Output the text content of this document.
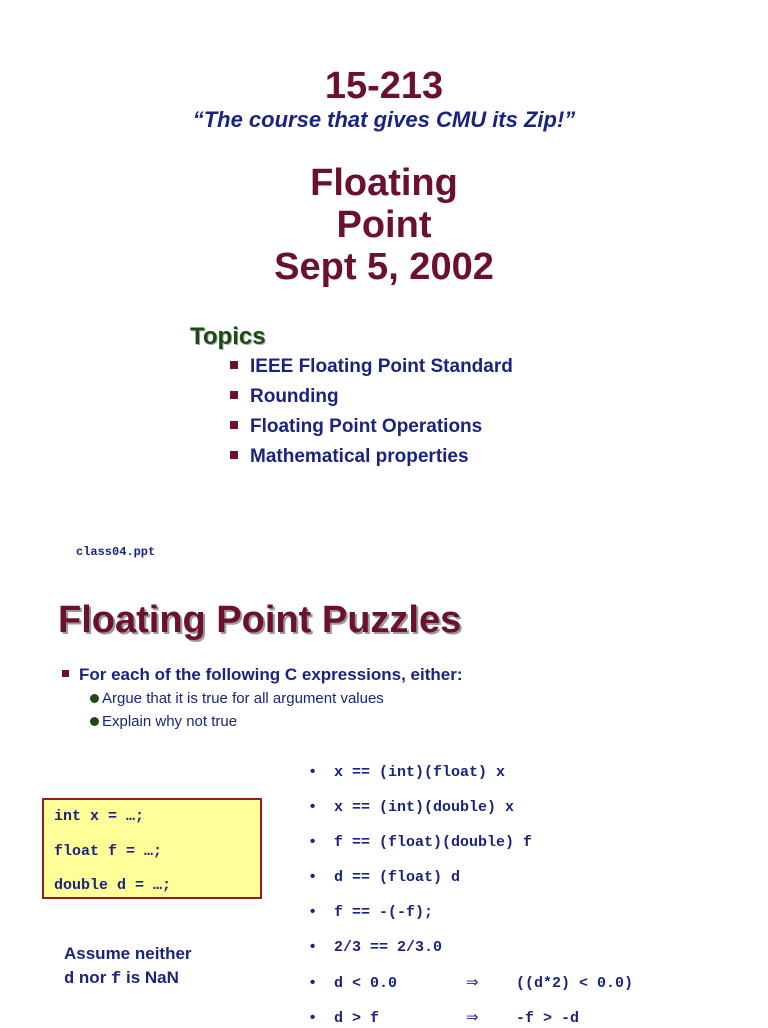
15-213
“The course that gives CMU its Zip!”
Floating
Point
Sept 5, 2002
Topics
IEEE Floating Point Standard
Rounding
Floating Point Operations
Mathematical properties
class04.ppt
Floating Point Puzzles
For each of the following C expressions, either:
Argue that it is true for all argument values
Explain why not true
int x = …;
float f = …;
double d = …;
Assume neither
d nor f is NaN
• x == (int)(float) x
• x == (int)(double) x
• f == (float)(double) f
• d == (float) d
• f == -(-f);
• 2/3 == 2/3.0
• d < 0.0	⇒ ((d*2) < 0.0)
• d > f	⇒ -f > -d
